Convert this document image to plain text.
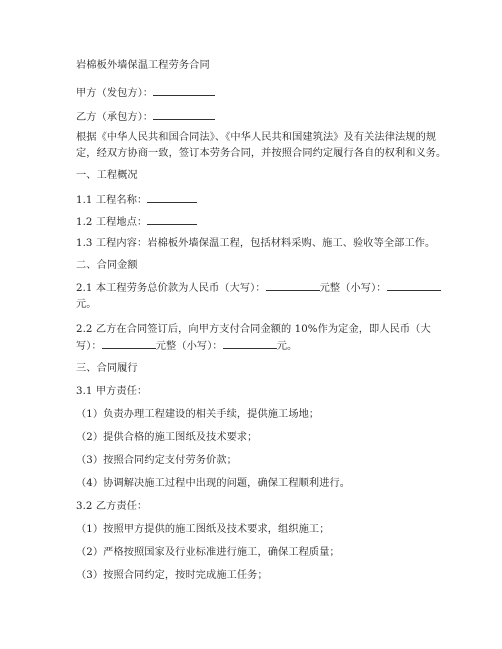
岩棉板外墙保温工程劳务合同
甲方（发包方）：
乙方（承包方）：
根据《中华人民共和国合同法》、《中华人民共和国建筑法》及有关法律法规的规定，经双方协商一致，签订本劳务合同，并按照合同约定履行各自的权利和义务。
一、工程概况
1.1 工程名称：
1.2 工程地点：
1.3 工程内容：岩棉板外墙保温工程，包括材料采购、施工、验收等全部工作。
二、合同金额
2.1 本工程劳务总价款为人民币（大写）：	元整（小写）：元。
2.2 乙方在合同签订后，向甲方支付合同金额的 10%作为定金，即人民币（大写）：	元整（小写）：	元。
三、合同履行
3.1 甲方责任：
（1）负责办理工程建设的相关手续，提供施工场地；
（2）提供合格的施工图纸及技术要求；
（3）按照合同约定支付劳务价款；
（4）协调解决施工过程中出现的问题，确保工程顺利进行。
3.2 乙方责任：
（1）按照甲方提供的施工图纸及技术要求，组织施工；
（2）严格按照国家及行业标准进行施工，确保工程质量；
（3）按照合同约定，按时完成施工任务；
